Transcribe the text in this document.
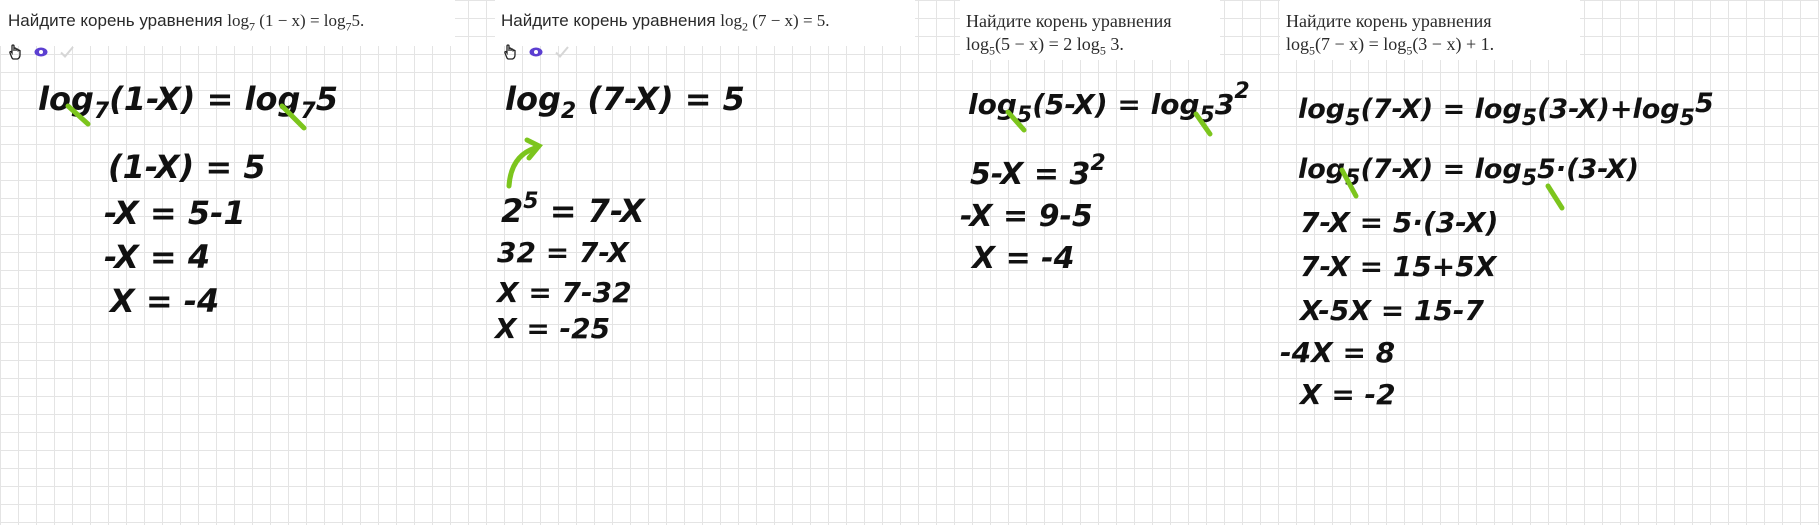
Найдите корень уравнения $\log_7 (1 - x) = \log_75$.
$\log_7(1-X) = \log_75$
(1-X) = 5
-X = 5-1
-X = 4
X = -4
Найдите корень уравнения $\log_2 (7 - x) = 5$.
$\log_2 (7-X) = 5$
$2^5 = 7-X$
32 = 7-X
X = 7-32
X = -25
Найдите корень уравнения
$\log_5(5 - x) = 2$ $\log_5 3$.
$\log_5(5-X) = \log_53^2$
$5-X = 3^2$
-X = 9-5
X = -4
Найдите корень уравнения
$\log_5(7 - x) = \log_5(3 - x) + 1$.
$\log_5(7-X) = \log_5(3-X)+\log_55$
$\log_5(7-X) = \log_55\cdot(3-X)$
7-X = 5·(3-X)
7-X = 15+5X
X-5X = 15-7
-4X = 8
X = -2
